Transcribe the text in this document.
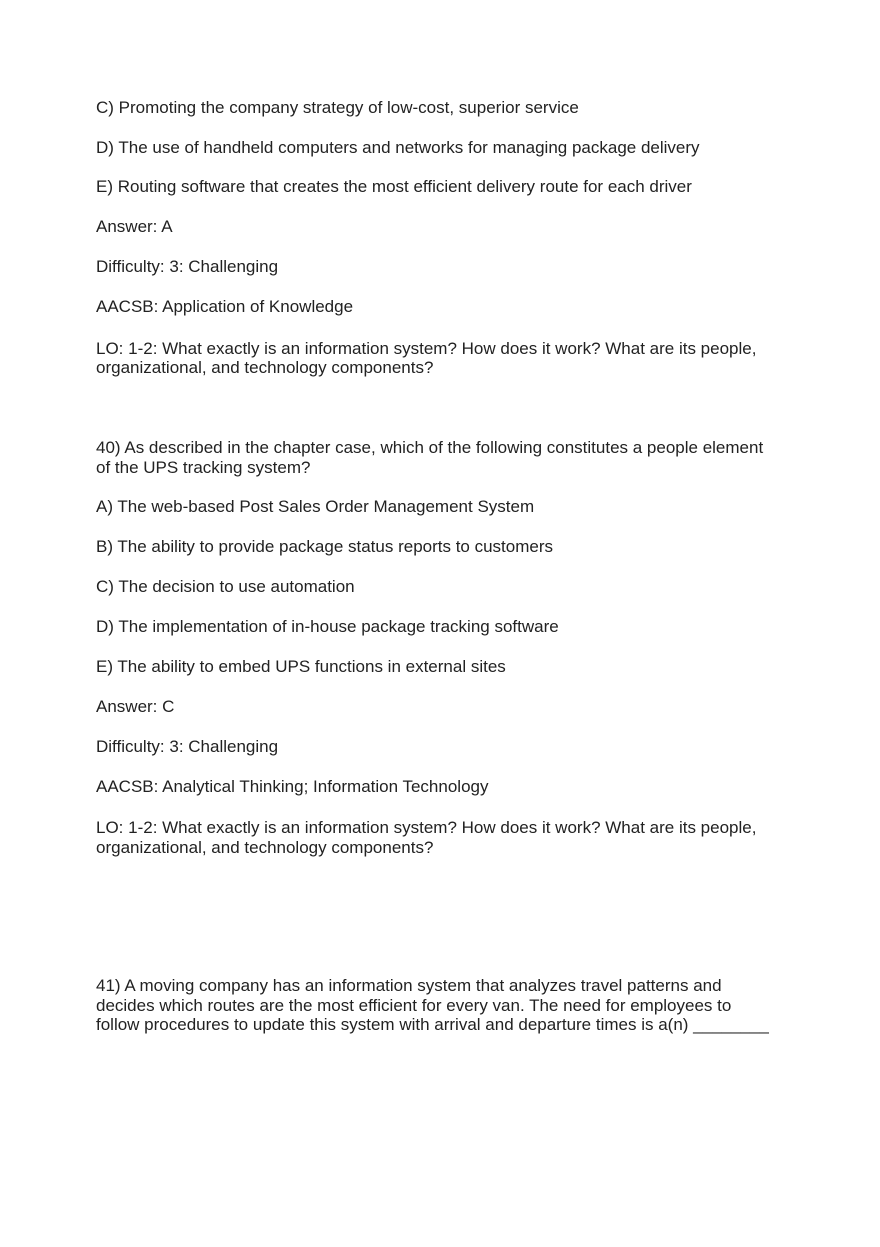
C) Promoting the company strategy of low-cost, superior service

D) The use of handheld computers and networks for managing package delivery

E) Routing software that creates the most efficient delivery route for each driver

Answer: A

Difficulty: 3: Challenging

AACSB: Application of Knowledge

LO: 1-2: What exactly is an information system? How does it work? What are its people,

organizational, and technology components?

40) As described in the chapter case, which of the following constitutes a people element

of the UPS tracking system?

A) The web-based Post Sales Order Management System

B) The ability to provide package status reports to customers

C) The decision to use automation

D) The implementation of in-house package tracking software

E) The ability to embed UPS functions in external sites

Answer: C

Difficulty: 3: Challenging

AACSB: Analytical Thinking; Information Technology

LO: 1-2: What exactly is an information system? How does it work? What are its people,

organizational, and technology components?

41) A moving company has an information system that analyzes travel patterns and

decides which routes are the most efficient for every van. The need for employees to

follow procedures to update this system with arrival and departure times is a(n) ________
